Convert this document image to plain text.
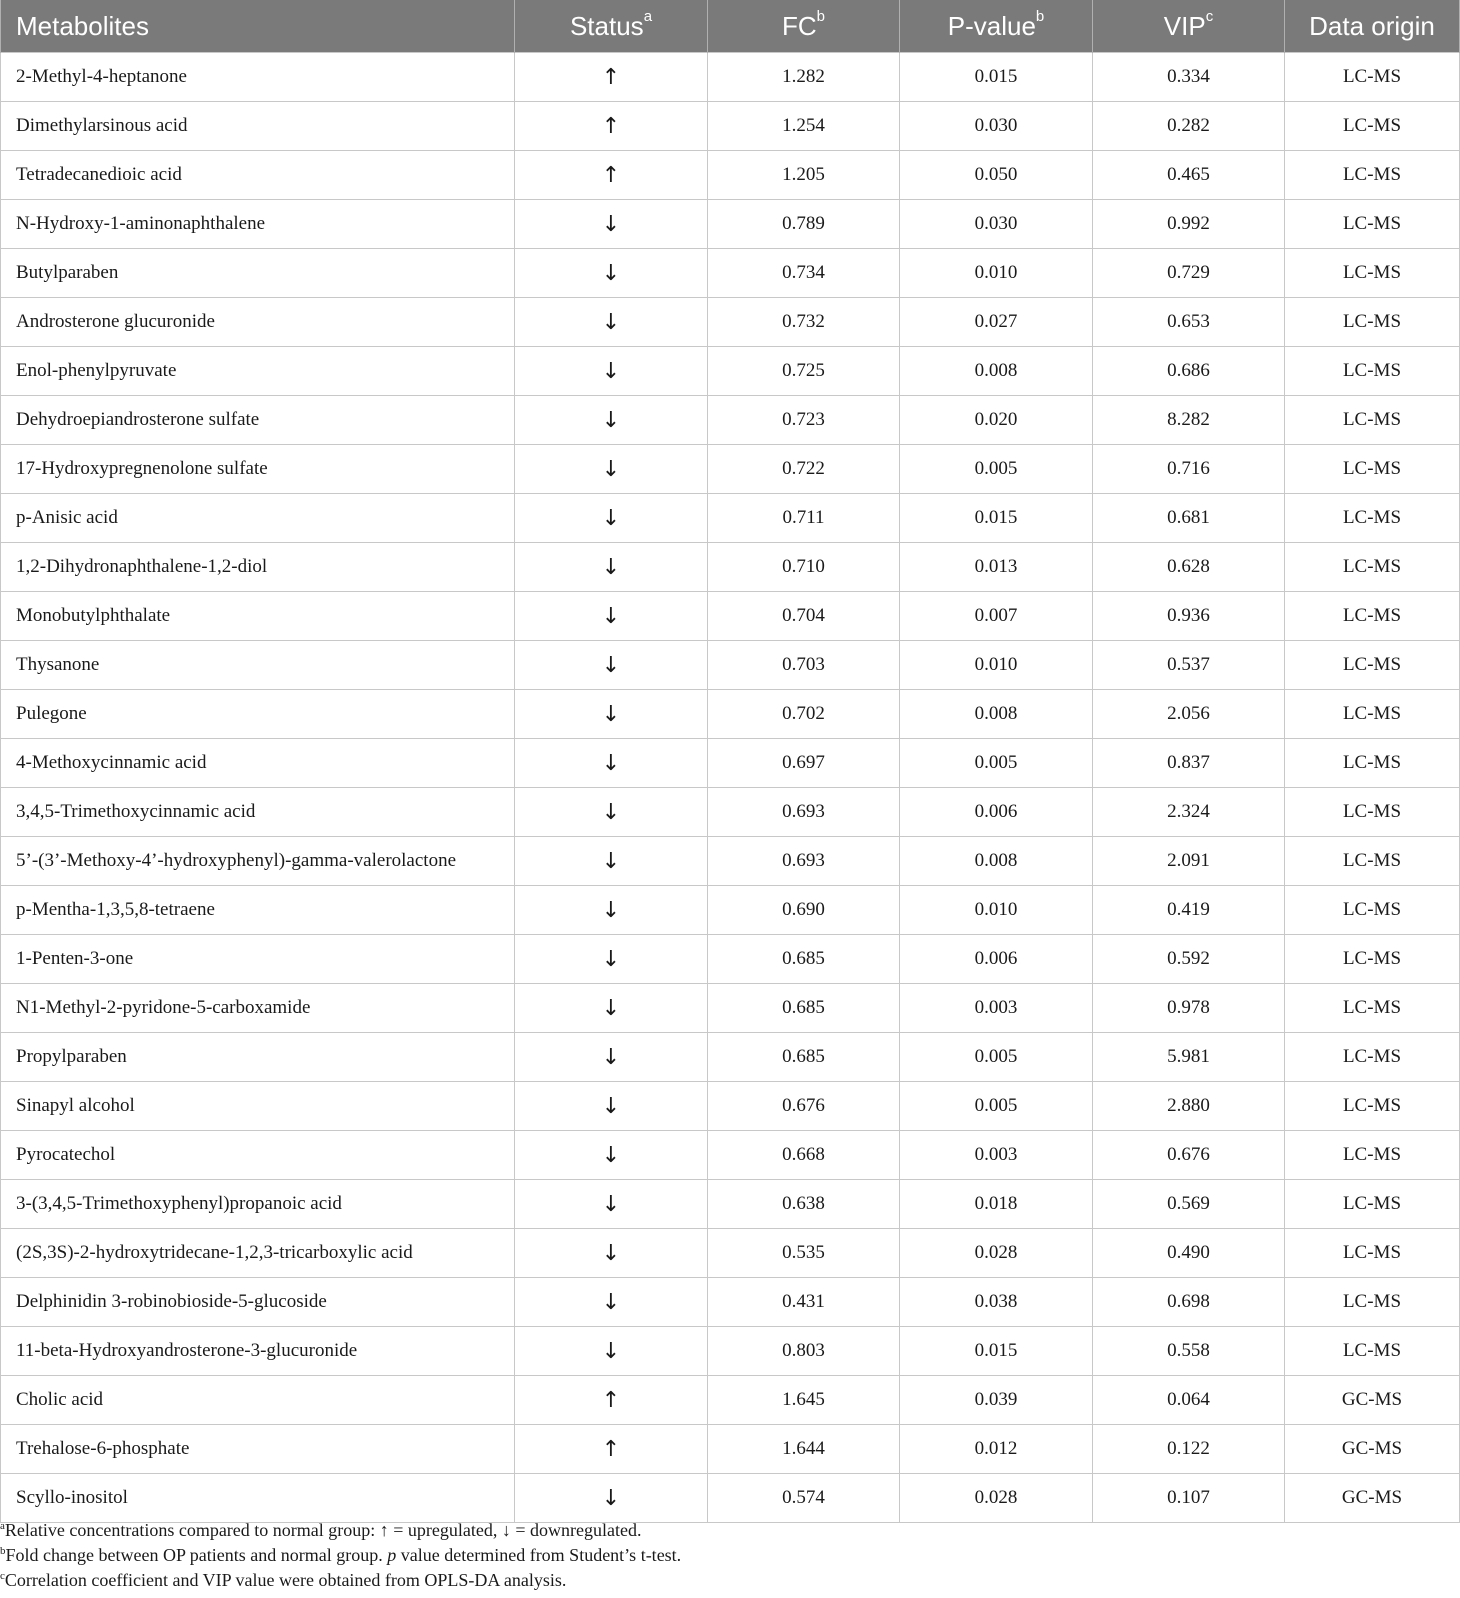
Metabolites	Status$^a$	$FC^b$	P-value$^b$	VIP$^c$	Data origin
2-Methyl-4-heptanone	↑	1.282	0.015	0.334	LC-MS
Dimethylarsinous acid	↑	1.254	0.030	0.282	LC-MS
Tetradecanedioic acid	↑	1.205	0.050	0.465	LC-MS
N-Hydroxy-1-aminonaphthalene	↓	0.789	0.030	0.992	LC-MS
Butylparaben	↓	0.734	0.010	0.729	LC-MS
Androsterone glucuronide	↓	0.732	0.027	0.653	LC-MS
Enol-phenylpyruvate	↓	0.725	0.008	0.686	LC-MS
Dehydroepiandrosterone sulfate	↓	0.723	0.020	8.282	LC-MS
17-Hydroxypregnenolone sulfate	↓	0.722	0.005	0.716	LC-MS
p-Anisic acid	↓	0.711	0.015	0.681	LC-MS
1,2-Dihydronaphthalene-1,2-diol	↓	0.710	0.013	0.628	LC-MS
Monobutylphthalate	↓	0.704	0.007	0.936	LC-MS
Thysanone	↓	0.703	0.010	0.537	LC-MS
Pulegone	↓	0.702	0.008	2.056	LC-MS
4-Methoxycinnamic acid	↓	0.697	0.005	0.837	LC-MS
3,4,5-Trimethoxycinnamic acid	↓	0.693	0.006	2.324	LC-MS
5’-(3’-Methoxy-4’-hydroxyphenyl)-gamma-valerolactone	↓	0.693	0.008	2.091	LC-MS
p-Mentha-1,3,5,8-tetraene	↓	0.690	0.010	0.419	LC-MS
1-Penten-3-one	↓	0.685	0.006	0.592	LC-MS
N1-Methyl-2-pyridone-5-carboxamide	↓	0.685	0.003	0.978	LC-MS
Propylparaben	↓	0.685	0.005	5.981	LC-MS
Sinapyl alcohol	↓	0.676	0.005	2.880	LC-MS
Pyrocatechol	↓	0.668	0.003	0.676	LC-MS
3-(3,4,5-Trimethoxyphenyl)propanoic acid	↓	0.638	0.018	0.569	LC-MS
(2S,3S)-2-hydroxytridecane-1,2,3-tricarboxylic acid	↓	0.535	0.028	0.490	LC-MS
Delphinidin 3-robinobioside-5-glucoside	↓	0.431	0.038	0.698	LC-MS
11-beta-Hydroxyandrosterone-3-glucuronide	↓	0.803	0.015	0.558	LC-MS
Cholic acid	↑	1.645	0.039	0.064	GC-MS
Trehalose-6-phosphate	↑	1.644	0.012	0.122	GC-MS
Scyllo-inositol	↓	0.574	0.028	0.107	GC-MS
$^a$Relative concentrations compared to normal group: ↑ = upregulated, ↓ = downregulated.
$^b$Fold change between OP patients and normal group. p value determined from Student’s t-test.
$^c$Correlation coefficient and VIP value were obtained from OPLS-DA analysis.
